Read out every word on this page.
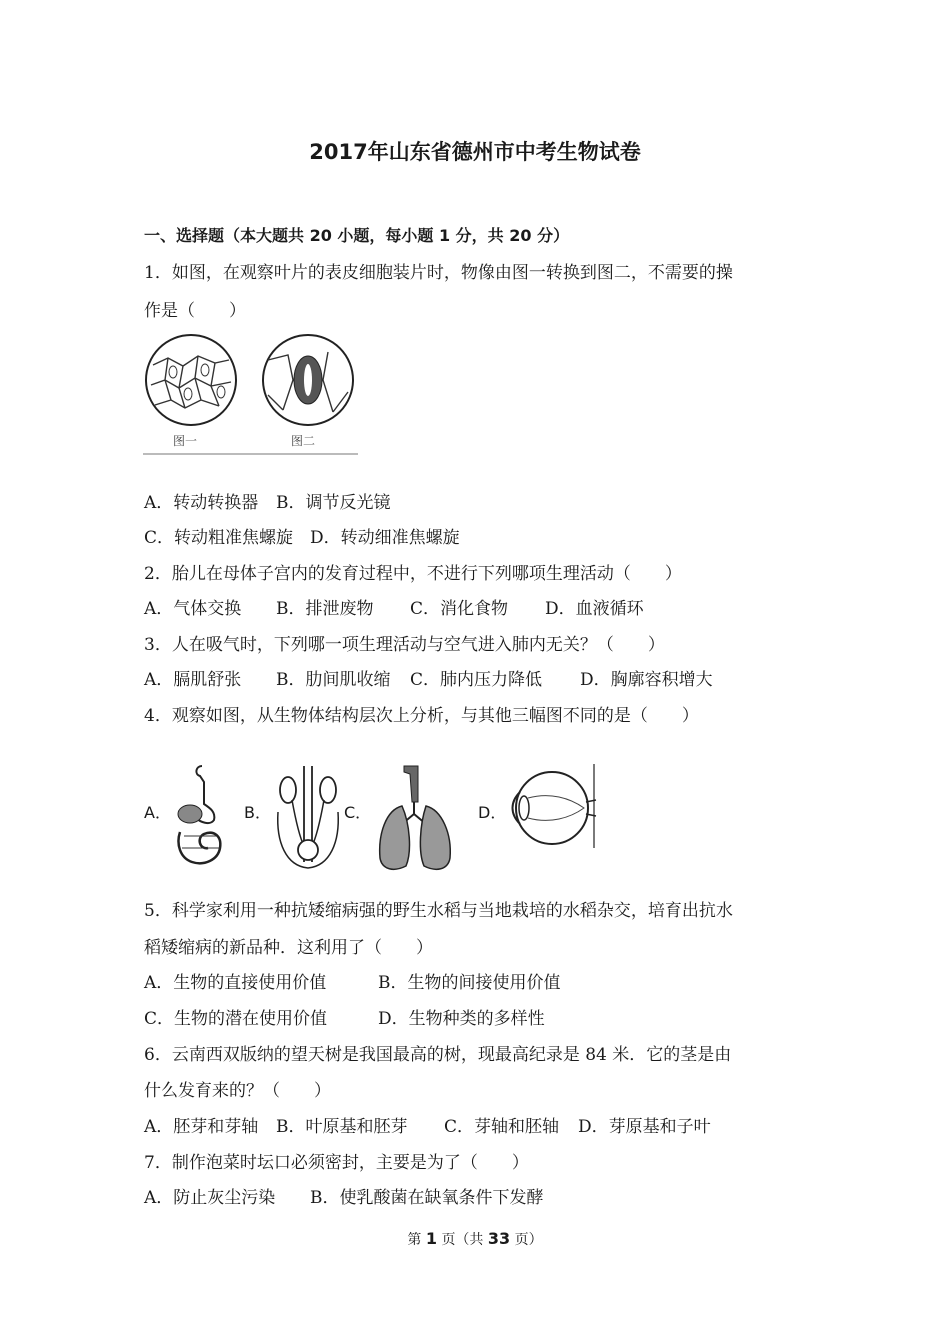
2017年山东省德州市中考生物试卷
一、选择题（本大题共 20 小题，每小题 1 分，共 20 分）
1．如图，在观察叶片的表皮细胞装片时，物像由图一转换到图二，不需要的操
作是（　　）
图一	图二
A．转动转换器 B．调节反光镜
C．转动粗准焦螺旋 D．转动细准焦螺旋
2．胎儿在母体子宫内的发育过程中，不进行下列哪项生理活动（　　）
A．气体交换 B．排泄废物 C．消化食物 D．血液循环
3．人在吸气时，下列哪一项生理活动与空气进入肺内无关？（　　）
A．膈肌舒张 B．肋间肌收缩 C．肺内压力降低 D．胸廓容积增大
4．观察如图，从生物体结构层次上分析，与其他三幅图不同的是（　　）
A．	B．	C．	D．
5．科学家利用一种抗矮缩病强的野生水稻与当地栽培的水稻杂交，培育出抗水
稻矮缩病的新品种．这利用了（　　）
A．生物的直接使用价值	B．生物的间接使用价值
C．生物的潜在使用价值	D．生物种类的多样性
6．云南西双版纳的望天树是我国最高的树，现最高纪录是 84 米．它的茎是由
什么发育来的？（　　）
A．胚芽和芽轴 B．叶原基和胚芽 C．芽轴和胚轴 D．芽原基和子叶
7．制作泡菜时坛口必须密封，主要是为了（　　）
A．防止灰尘污染 B．使乳酸菌在缺氧条件下发酵
第 1 页（共 33 页）
